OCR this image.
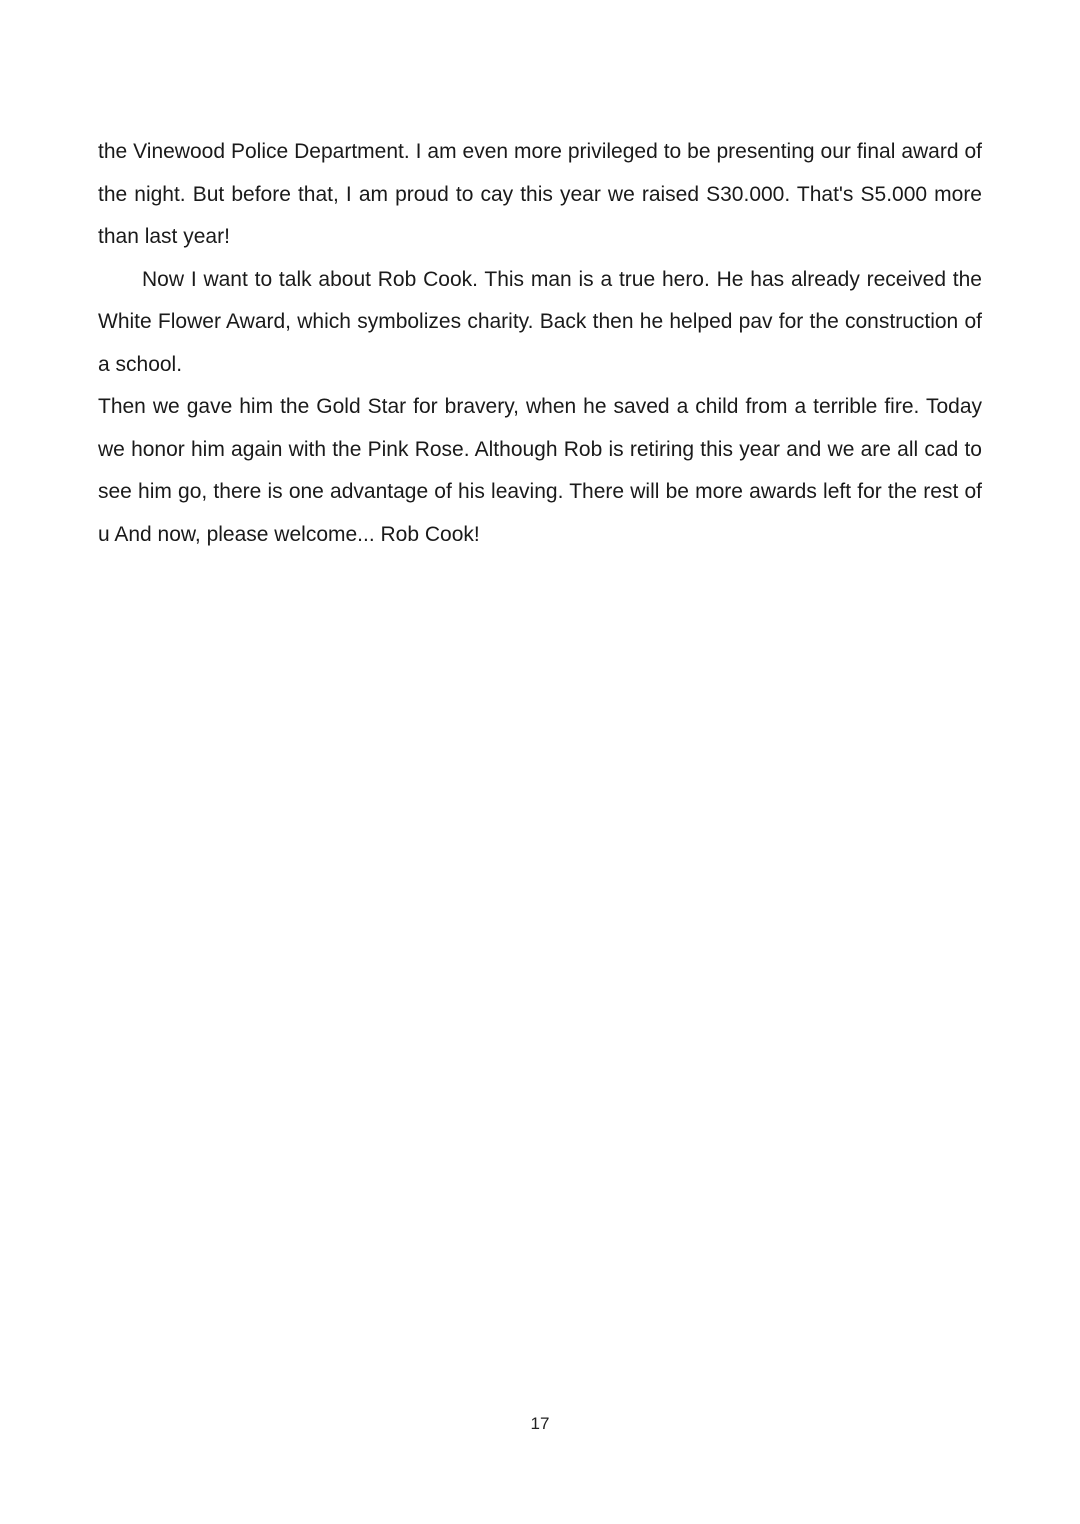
the Vinewood Police Department. I am even more privileged to be presenting our final award of the night. But before that, I am proud to cay this year we raised S30.000. That's S5.000 more than last year!

Now I want to talk about Rob Cook. This man is a true hero. He has already received the White Flower Award, which symbolizes charity. Back then he helped pav for the construction of a school.

Then we gave him the Gold Star for bravery, when he saved a child from a terrible fire. Today we honor him again with the Pink Rose. Although Rob is retiring this year and we are all cad to see him go, there is one advantage of his leaving. There will be more awards left for the rest of u And now, please welcome... Rob Cook!

17
